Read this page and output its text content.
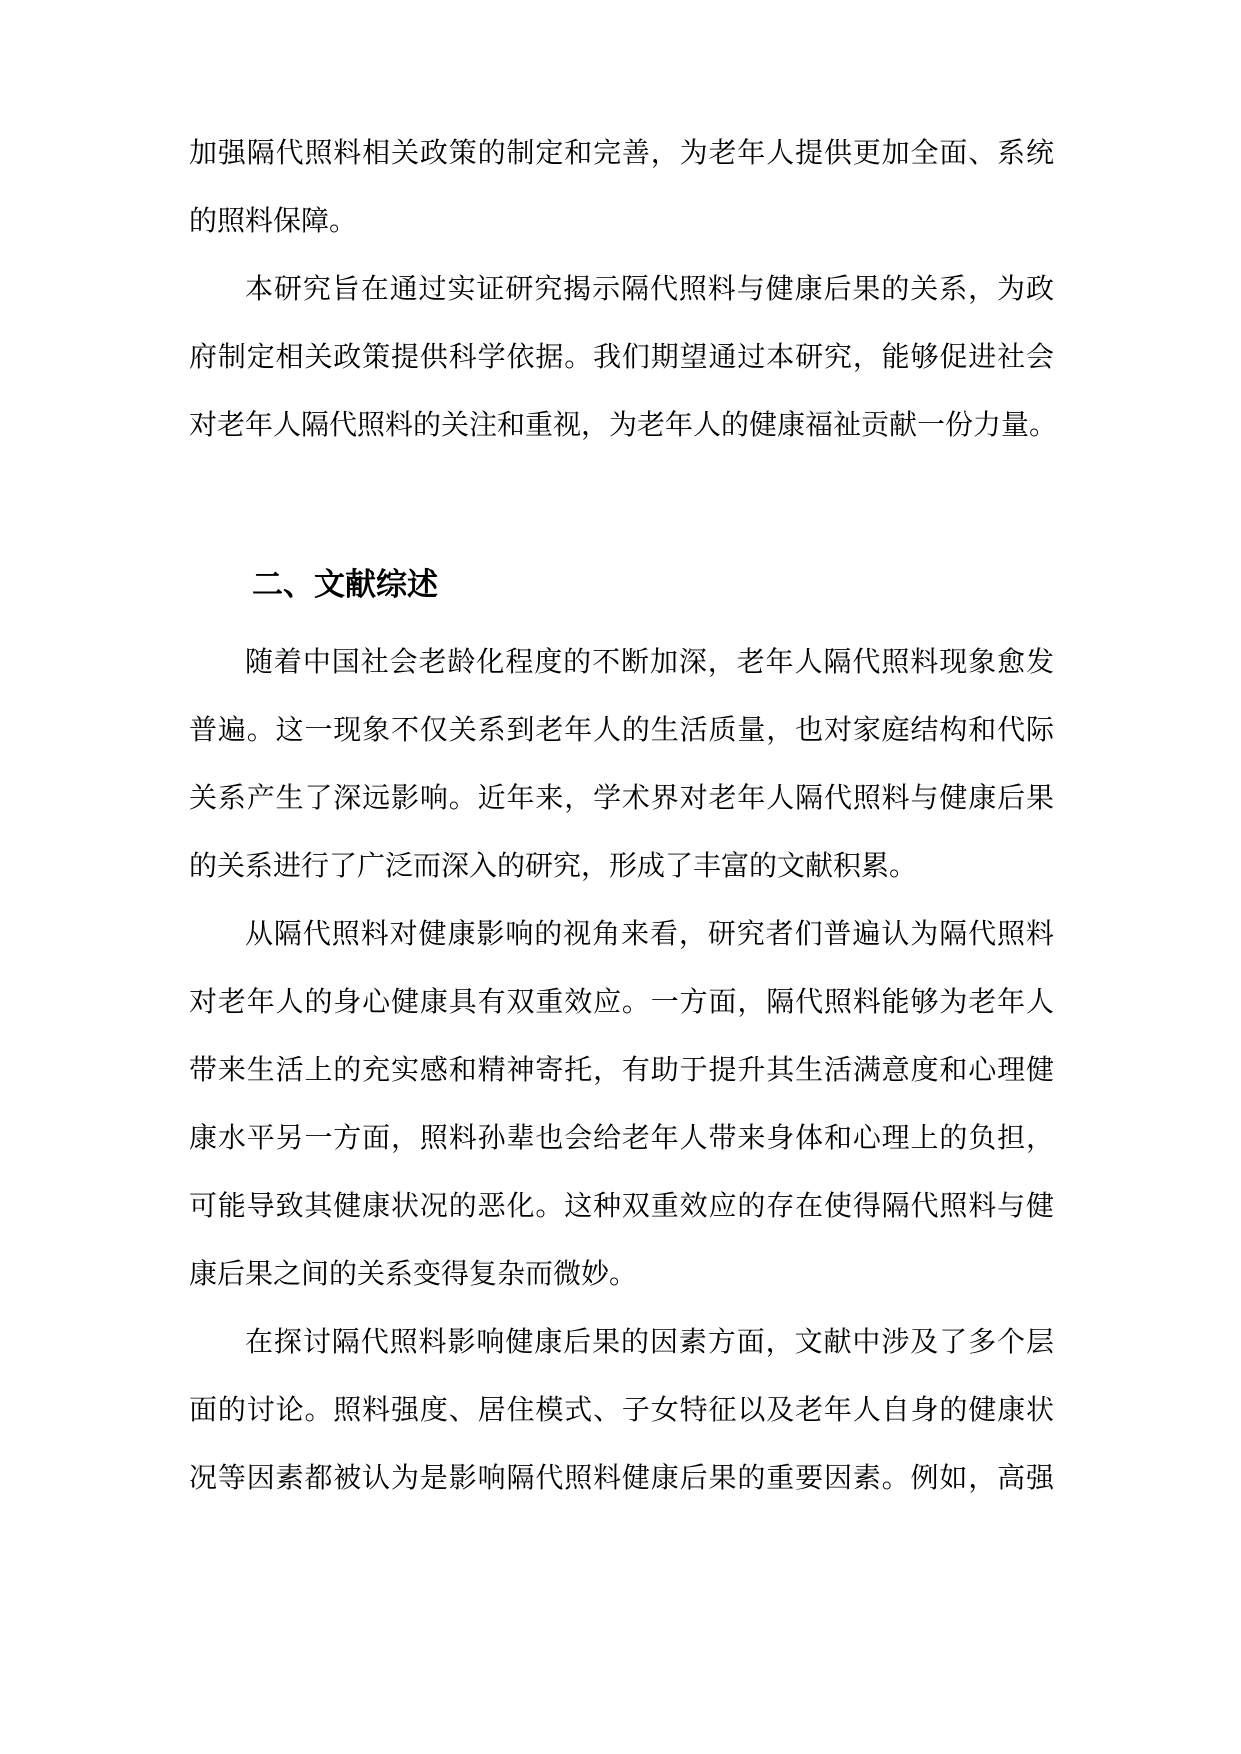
加强隔代照料相关政策的制定和完善，为老年人提供更加全面、系统
的照料保障。
本研究旨在通过实证研究揭示隔代照料与健康后果的关系，为政
府制定相关政策提供科学依据。我们期望通过本研究，能够促进社会
对老年人隔代照料的关注和重视，为老年人的健康福祉贡献一份力量。
二、文献综述
随着中国社会老龄化程度的不断加深，老年人隔代照料现象愈发
普遍。这一现象不仅关系到老年人的生活质量，也对家庭结构和代际
关系产生了深远影响。近年来，学术界对老年人隔代照料与健康后果
的关系进行了广泛而深入的研究，形成了丰富的文献积累。
从隔代照料对健康影响的视角来看，研究者们普遍认为隔代照料
对老年人的身心健康具有双重效应。一方面，隔代照料能够为老年人
带来生活上的充实感和精神寄托，有助于提升其生活满意度和心理健
康水平另一方面，照料孙辈也会给老年人带来身体和心理上的负担，
可能导致其健康状况的恶化。这种双重效应的存在使得隔代照料与健
康后果之间的关系变得复杂而微妙。
在探讨隔代照料影响健康后果的因素方面，文献中涉及了多个层
面的讨论。照料强度、居住模式、子女特征以及老年人自身的健康状
况等因素都被认为是影响隔代照料健康后果的重要因素。例如，高强
